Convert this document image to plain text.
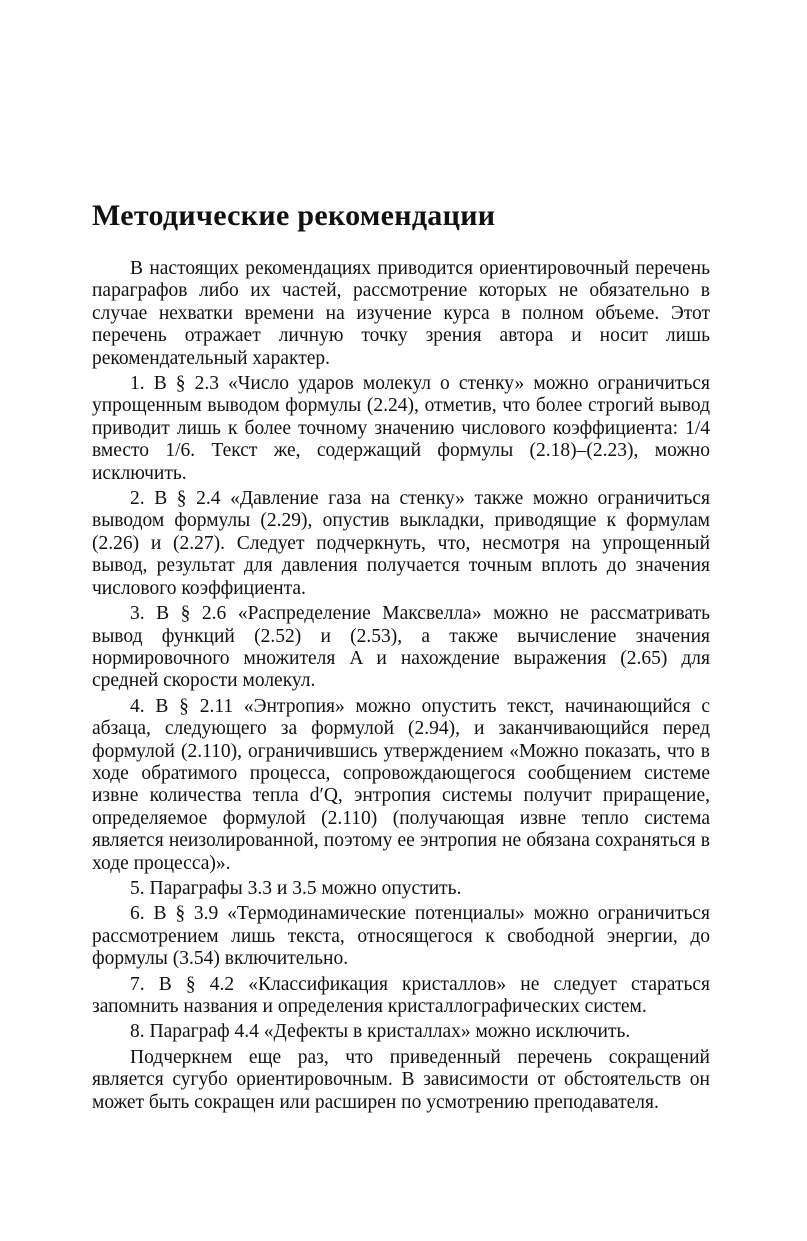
Методические рекомендации

В настоящих рекомендациях приводится ориентировочный перечень параграфов либо их частей, рассмотрение которых не обязательно в случае нехватки времени на изучение курса в полном объеме. Этот перечень отражает личную точку зрения автора и носит лишь рекомендательный характер.

1. В § 2.3 «Число ударов молекул о стенку» можно ограничиться упрощенным выводом формулы (2.24), отметив, что более строгий вывод приводит лишь к более точному значению числового коэффициента: 1/4 вместо 1/6. Текст же, содержащий формулы (2.18)–(2.23), можно исключить.

2. В § 2.4 «Давление газа на стенку» также можно ограничиться выводом формулы (2.29), опустив выкладки, приводящие к формулам (2.26) и (2.27). Следует подчеркнуть, что, несмотря на упрощенный вывод, результат для давления получается точным вплоть до значения числового коэффициента.

3. В § 2.6 «Распределение Максвелла» можно не рассматривать вывод функций (2.52) и (2.53), а также вычисление значения нормировочного множителя A и нахождение выражения (2.65) для средней скорости молекул.

4. В § 2.11 «Энтропия» можно опустить текст, начинающийся с абзаца, следующего за формулой (2.94), и заканчивающийся перед формулой (2.110), ограничившись утверждением «Можно показать, что в ходе обратимого процесса, сопровождающегося сообщением системе извне количества тепла d′Q, энтропия системы получит приращение, определяемое формулой (2.110) (получающая извне тепло система является неизолированной, поэтому ее энтропия не обязана сохраняться в ходе процесса)».

5. Параграфы 3.3 и 3.5 можно опустить.

6. В § 3.9 «Термодинамические потенциалы» можно ограничиться рассмотрением лишь текста, относящегося к свободной энергии, до формулы (3.54) включительно.

7. В § 4.2 «Классификация кристаллов» не следует стараться запомнить названия и определения кристаллографических систем.

8. Параграф 4.4 «Дефекты в кристаллах» можно исключить.

Подчеркнем еще раз, что приведенный перечень сокращений является сугубо ориентировочным. В зависимости от обстоятельств он может быть сокращен или расширен по усмотрению преподавателя.
